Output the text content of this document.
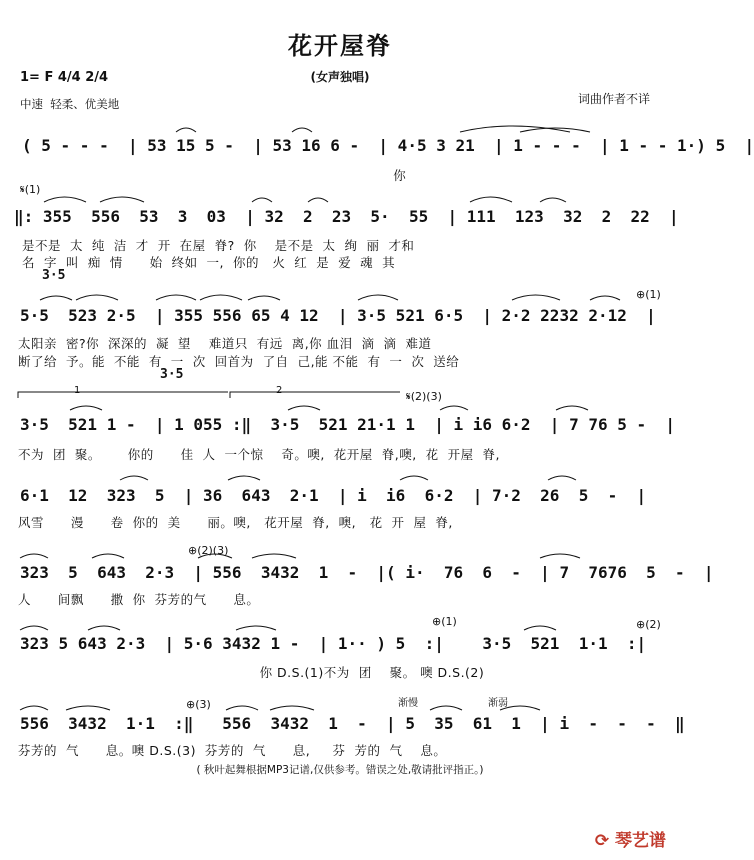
花开屋脊
(女声独唱)
1= F 4/4 2/4
中速  轻柔、优美地	词曲作者不详
( 5 - - -  | 53 15 5 -  | 53 16 6 -  | 4·5 3 21  | 1 - - -  | 1 - - 1·) 5  |
你
𝄋(1)
‖: 355  556  53  3  03  | 32  2  23  5·  55  | 111  123  32  2  22  |
是不是  太  纯  洁  才  开  在屋  脊?  你    是不是  太  绚  丽  才和
名  字  叫  痴  情      始  终如  一,  你的   火  红  是  爱  魂  其
3·5
⊕(1)
5·5  523 2·5  | 355 556 65 4 12  | 3·5 521 6·5  | 2·2 2232 2·12  |
太阳亲  密?你  深深的  凝  望    难道只  有远  离,你 血泪  滴  滴  难道
断了给  予。能  不能  有  一  次  回首为  了自  己,能 不能  有  一  次  送给
3·5
1	2	𝄋(2)(3)
3·5  521 1 -  | 1 055 :‖  3·5  521 21·1 1  | i i6 6·2  | 7 76 5 -  |
不为  团  聚。      你的      佳  人  一个惊    奇。噢,  花开屋  脊,噢,  花  开屋  脊,
6·1  12  323  5  | 36  643  2·1  | i  i6  6·2  | 7·2  26  5  -  |
风雪      漫      卷  你的  美      丽。噢,   花开屋  脊,  噢,   花  开  屋  脊,
⊕(2)(3)
323  5  643  2·3  | 556  3432  1  -  |( i·  76  6  -  | 7  7676  5  -  |
人      间飘      撒  你  芬芳的气      息。
⊕(1)	⊕(2)
323 5 643 2·3  | 5·6 3432 1 -  | 1·· ) 5  :|    3·5  521  1·1  :|
你 D.S.(1)不为  团    聚。 噢 D.S.(2)
⊕(3)	渐慢	渐弱
556  3432  1·1  :‖   556  3432  1  -  | 5  35  61  1  | i  -  -  -  ‖
芬芳的  气      息。噢 D.S.(3)  芬芳的  气      息,     芬  芳的  气    息。
( 秋叶起舞根据MP3记谱,仅供参考。错误之处,敬请批评指正。)
⟳ 琴艺谱
